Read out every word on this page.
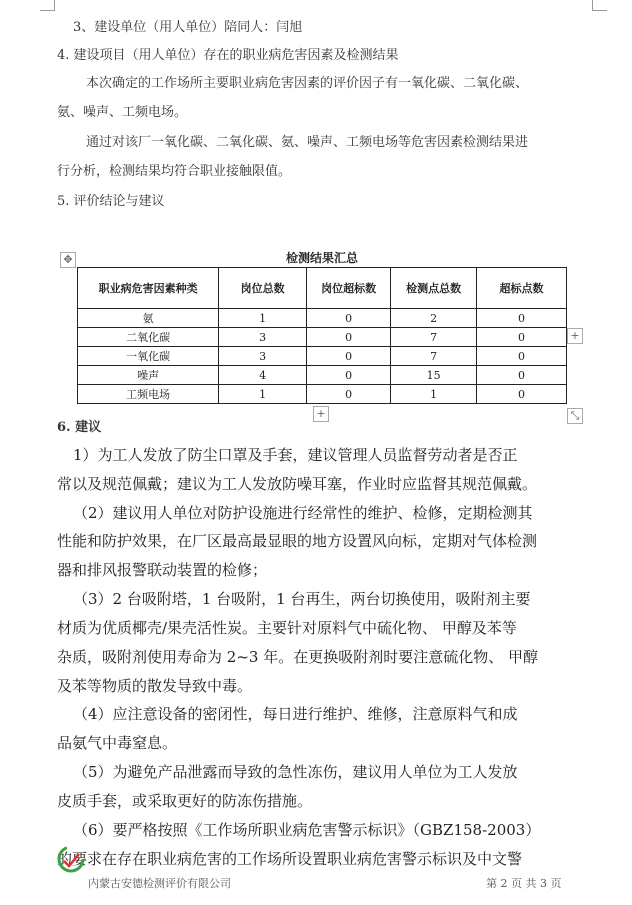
3、建设单位（用人单位）陪同人：闫旭
4. 建设项目（用人单位）存在的职业病危害因素及检测结果
本次确定的工作场所主要职业病危害因素的评价因子有一氧化碳、二氧化碳、
氨、噪声、工频电场。
通过对该厂一氧化碳、二氧化碳、氨、噪声、工频电场等危害因素检测结果进
行分析，检测结果均符合职业接触限值。
5. 评价结论与建议
✥	检测结果汇总
职业病危害因素种类	岗位总数	岗位超标数	检测点总数	超标点数
氨	1	0	2	0
二氧化碳	3	0	7	0
一氧化碳	3	0	7	0
噪声	4	0	15	0
工频电场	1	0	1	0
+
+	⤡
6. 建议
1）为工人发放了防尘口罩及手套，建议管理人员监督劳动者是否正
常以及规范佩戴；建议为工人发放防噪耳塞，作业时应监督其规范佩戴。
（2）建议用人单位对防护设施进行经常性的维护、检修，定期检测其
性能和防护效果，在厂区最高最显眼的地方设置风向标，定期对气体检测
器和排风报警联动装置的检修；
（3）2 台吸附塔，1 台吸附，1 台再生，两台切换使用，吸附剂主要
材质为优质椰壳/果壳活性炭。主要针对原料气中硫化物、 甲醇及苯等
杂质，吸附剂使用寿命为 2~3 年。在更换吸附剂时要注意硫化物、 甲醇
及苯等物质的散发导致中毒。
（4）应注意设备的密闭性，每日进行维护、维修，注意原料气和成
品氨气中毒窒息。
（5）为避免产品泄露而导致的急性冻伤，建议用人单位为工人发放
皮质手套，或采取更好的防冻伤措施。
（6）要严格按照《工作场所职业病危害警示标识》（GBZ158-2003）
的要求在存在职业病危害的工作场所设置职业病危害警示标识及中文警
内蒙古安德检测评价有限公司	第 2 页 共 3 页
